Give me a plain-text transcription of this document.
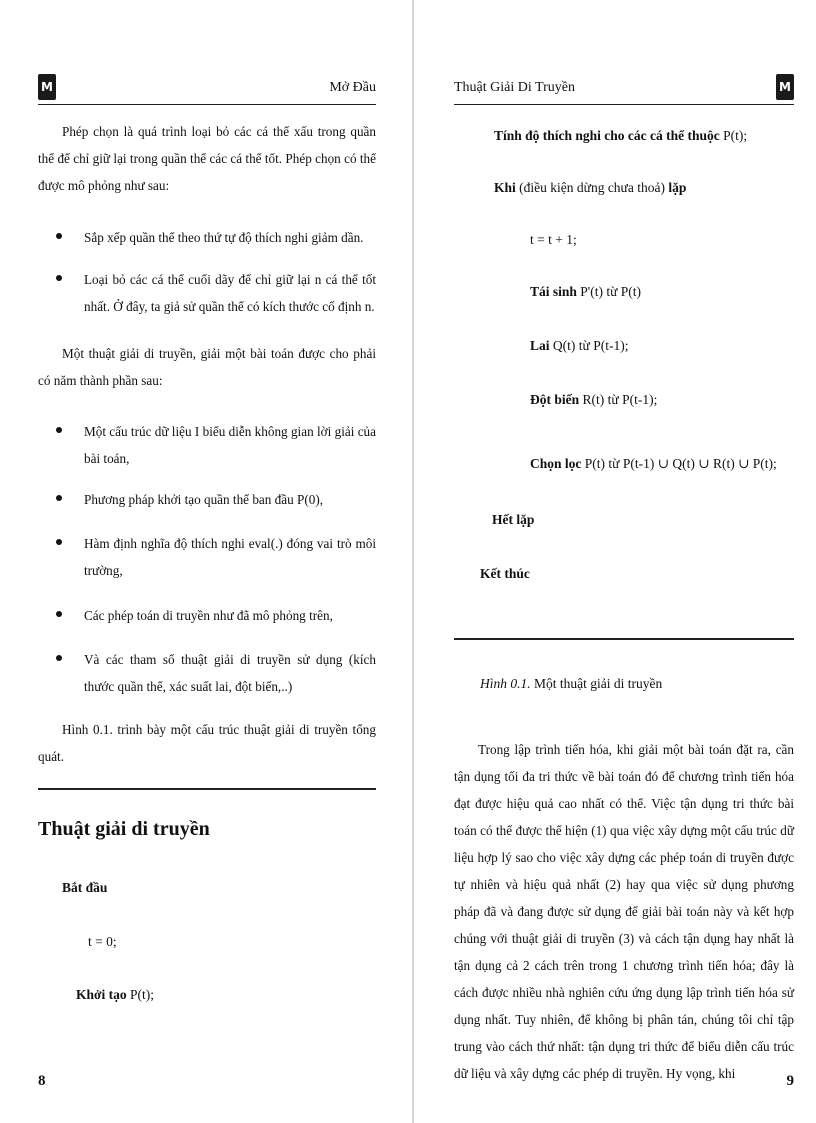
M	Mở Đầu
Phép chọn là quá trình loại bỏ các cá thể xấu trong quần thể để chỉ giữ lại trong quần thể các cá thể tốt. Phép chọn có thể được mô phỏng như sau:
Sắp xếp quần thể theo thứ tự độ thích nghi giảm dần.
Loại bỏ các cá thể cuối dãy để chỉ giữ lại n cá thể tốt nhất. Ở đây, ta giả sử quần thể có kích thước cố định n.
Một thuật giải di truyền, giải một bài toán được cho phải có năm thành phần sau:
Một cấu trúc dữ liệu I biểu diễn không gian lời giải của bài toán,
Phương pháp khởi tạo quần thể ban đầu P(0),
Hàm định nghĩa độ thích nghi eval(.) đóng vai trò môi trường,
Các phép toán di truyền như đã mô phỏng trên,
Và các tham số thuật giải di truyền sử dụng (kích thước quần thể, xác suất lai, đột biến,..)
Hình 0.1. trình bày một cấu trúc thuật giải di truyền tổng quát.
Thuật giải di truyền
Bắt đầu
t = 0;
Khởi tạo P(t);
8
Thuật Giải Di Truyền	M
Tính độ thích nghi cho các cá thể thuộc P(t);
Khi (điều kiện dừng chưa thoả) lặp
t = t + 1;
Tái sinh P'(t) từ P(t)
Lai Q(t) từ P(t-1);
Đột biến R(t) từ P(t-1);
Chọn lọc P(t) từ P(t-1) ∪ Q(t) ∪ R(t) ∪ P(t);
Hết lặp
Kết thúc
Hình 0.1. Một thuật giải di truyền
Trong lập trình tiến hóa, khi giải một bài toán đặt ra, cần tận dụng tối đa tri thức về bài toán đó để chương trình tiến hóa đạt được hiệu quả cao nhất có thể. Việc tận dụng tri thức bài toán có thể được thể hiện (1) qua việc xây dựng một cấu trúc dữ liệu hợp lý sao cho việc xây dựng các phép toán di truyền được tự nhiên và hiệu quả nhất (2) hay qua việc sử dụng phương pháp đã và đang được sử dụng để giải bài toán này và kết hợp chúng với thuật giải di truyền (3) và cách tận dụng hay nhất là tận dụng cả 2 cách trên trong 1 chương trình tiến hóa; đây là cách được nhiều nhà nghiên cứu ứng dụng lập trình tiến hóa sử dụng nhất. Tuy nhiên, để không bị phân tán, chúng tôi chỉ tập trung vào cách thứ nhất: tận dụng tri thức để biểu diễn cấu trúc dữ liệu và xây dựng các phép di truyền. Hy vọng, khi	9
